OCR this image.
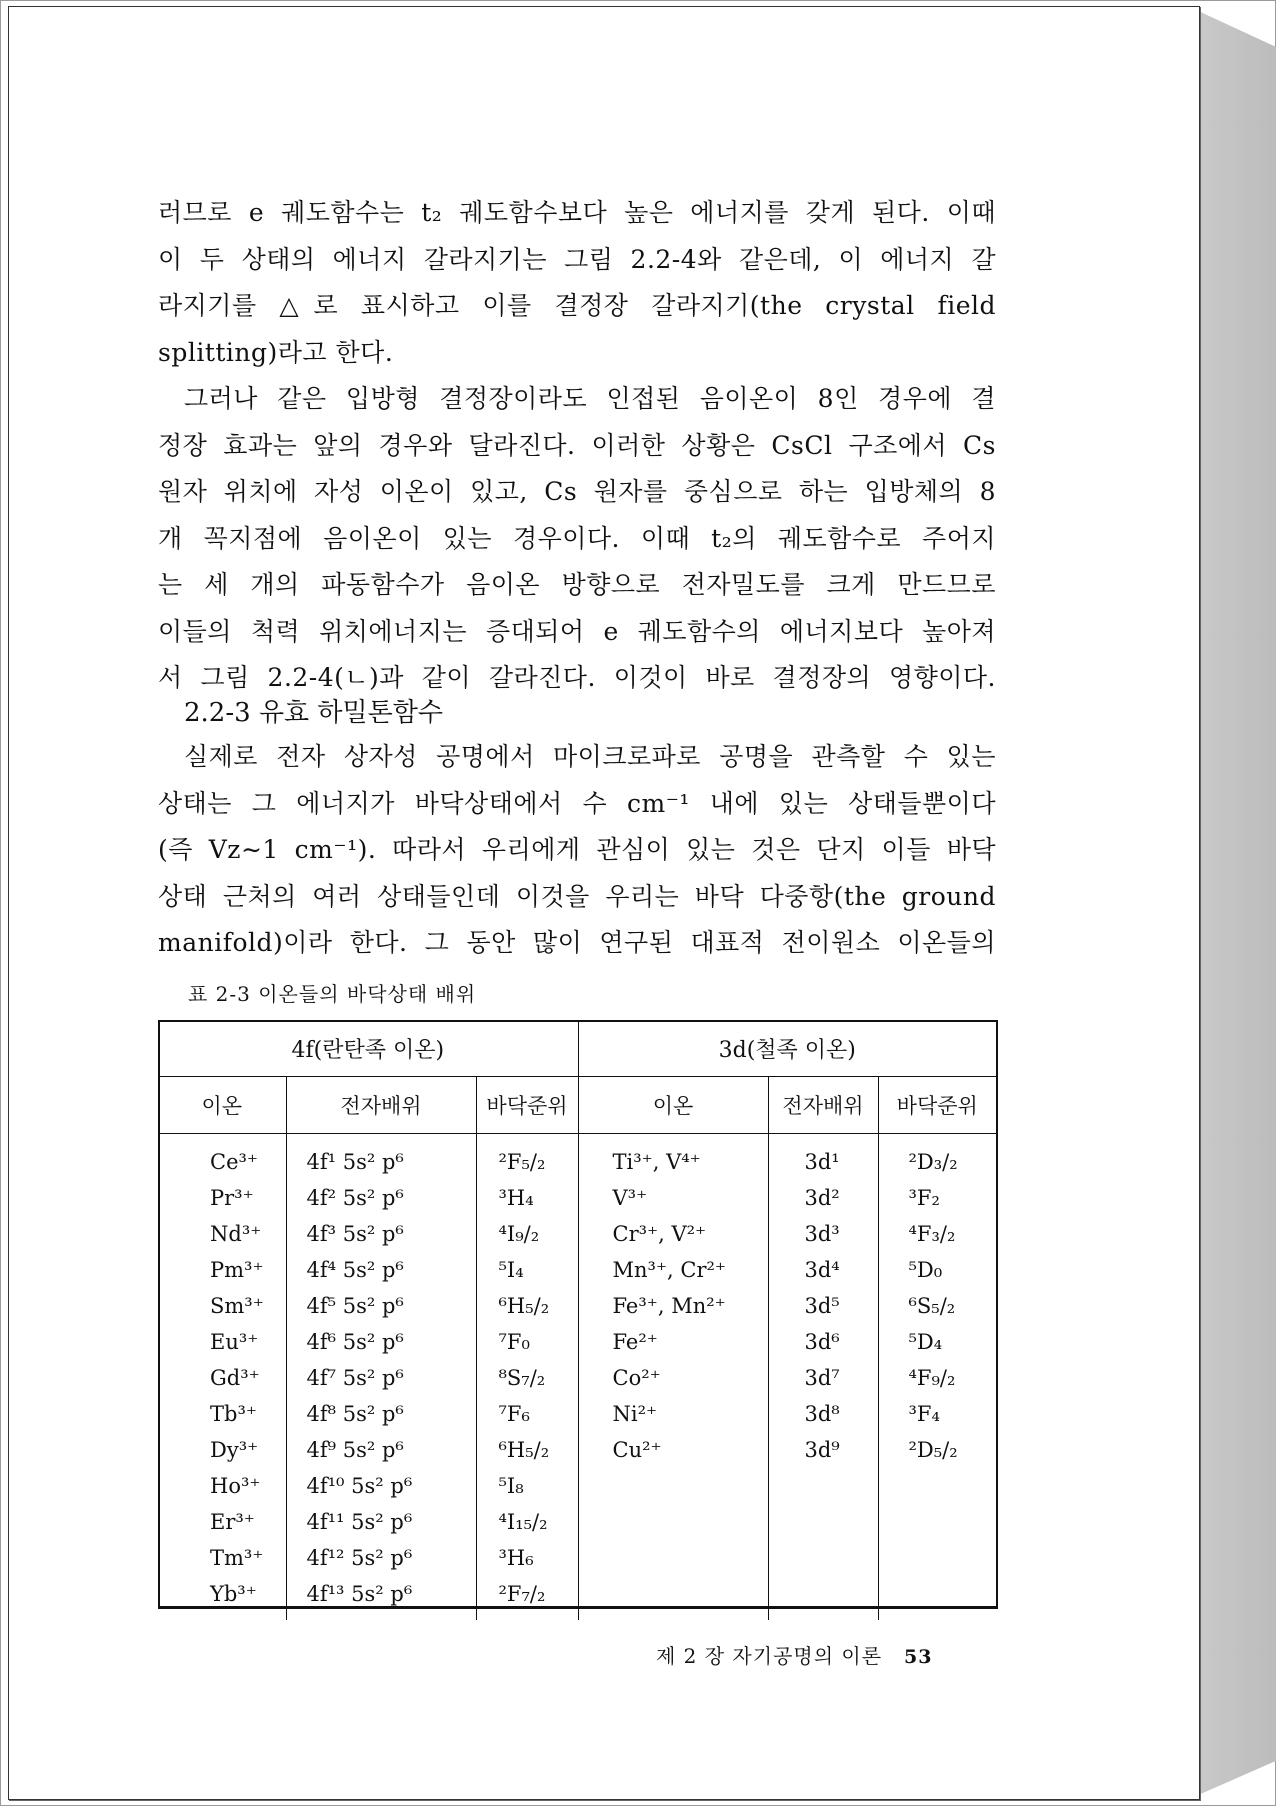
러므로 e 궤도함수는 t₂ 궤도함수보다 높은 에너지를 갖게 된다. 이때

이 두 상태의 에너지 갈라지기는 그림 2.2-4와 같은데, 이 에너지 갈

라지기를 △로 표시하고 이를 결정장 갈라지기(the crystal field

splitting)라고 한다.

그러나 같은 입방형 결정장이라도 인접된 음이온이 8인 경우에 결

정장 효과는 앞의 경우와 달라진다. 이러한 상황은 CsCl 구조에서 Cs

원자 위치에 자성 이온이 있고, Cs 원자를 중심으로 하는 입방체의 8

개 꼭지점에 음이온이 있는 경우이다. 이때 t₂의 궤도함수로 주어지

는 세 개의 파동함수가 음이온 방향으로 전자밀도를 크게 만드므로

이들의 척력 위치에너지는 증대되어 e 궤도함수의 에너지보다 높아져

서 그림 2.2-4(ㄴ)과 같이 갈라진다. 이것이 바로 결정장의 영향이다.

2.2-3 유효 하밀톤함수

실제로 전자 상자성 공명에서 마이크로파로 공명을 관측할 수 있는

상태는 그 에너지가 바닥상태에서 수 cm⁻¹ 내에 있는 상태들뿐이다

(즉 Vz∼1 cm⁻¹). 따라서 우리에게 관심이 있는 것은 단지 이들 바닥

상태 근처의 여러 상태들인데 이것을 우리는 바닥 다중항(the ground

manifold)이라 한다. 그 동안 많이 연구된 대표적 전이원소 이온들의

표 2-3 이온들의 바닥상태 배위
4f(란탄족 이온)			3d(철족 이온)		
이온	전자배위	바닥준위	이온	전자배위	바닥준위
Ce³⁺	4f¹ 5s² p⁶	²F₅/₂	Ti³⁺, V⁴⁺	3d¹	²D₃/₂
Pr³⁺	4f² 5s² p⁶	³H₄	V³⁺	3d²	³F₂
Nd³⁺	4f³ 5s² p⁶	⁴I₉/₂	Cr³⁺, V²⁺	3d³	⁴F₃/₂
Pm³⁺	4f⁴ 5s² p⁶	⁵I₄	Mn³⁺, Cr²⁺	3d⁴	⁵D₀
Sm³⁺	4f⁵ 5s² p⁶	⁶H₅/₂	Fe³⁺, Mn²⁺	3d⁵	⁶S₅/₂
Eu³⁺	4f⁶ 5s² p⁶	⁷F₀	Fe²⁺	3d⁶	⁵D₄
Gd³⁺	4f⁷ 5s² p⁶	⁸S₇/₂	Co²⁺	3d⁷	⁴F₉/₂
Tb³⁺	4f⁸ 5s² p⁶	⁷F₆	Ni²⁺	3d⁸	³F₄
Dy³⁺	4f⁹ 5s² p⁶	⁶H₅/₂	Cu²⁺	3d⁹	²D₅/₂
Ho³⁺	4f¹⁰ 5s² p⁶	⁵I₈			
Er³⁺	4f¹¹ 5s² p⁶	⁴I₁₅/₂			
Tm³⁺	4f¹² 5s² p⁶	³H₆			
Yb³⁺	4f¹³ 5s² p⁶	²F₇/₂			
제 2 장 자기공명의 이론 53
